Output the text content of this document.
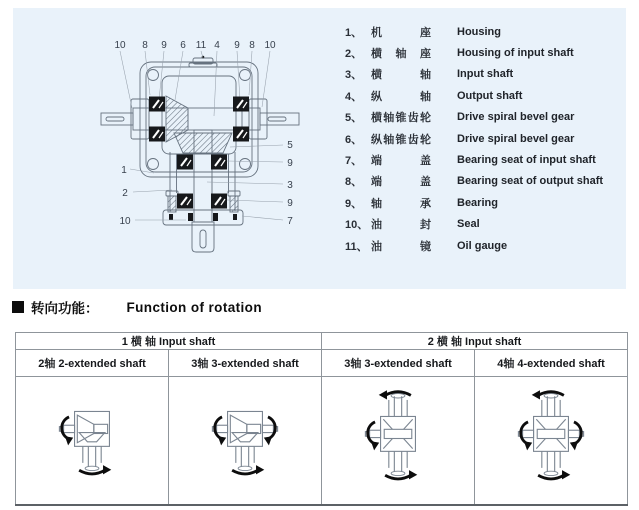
10 8 9 6 11 4 9 8 10
1
2
10
5
9
3
9
7
1、 机座 Housing
2、 横轴座 Housing of input shaft
3、 横轴 Input shaft
4、 纵轴 Output shaft
5、 横轴锥齿轮 Drive spiral bevel gear
6、 纵轴锥齿轮 Drive spiral bevel gear
7、 端盖 Bearing seat of input shaft
8、 端盖 Bearing seat of output shaft
9、 轴承 Bearing
10、 油封 Seal
11、 油镜 Oil gauge
转向功能： Function of rotation
1 横 轴 Input shaft		2 横 轴 Input shaft	
2轴 2-extended shaft	3轴 3-extended shaft	3轴 3-extended shaft	4轴 4-extended shaft
